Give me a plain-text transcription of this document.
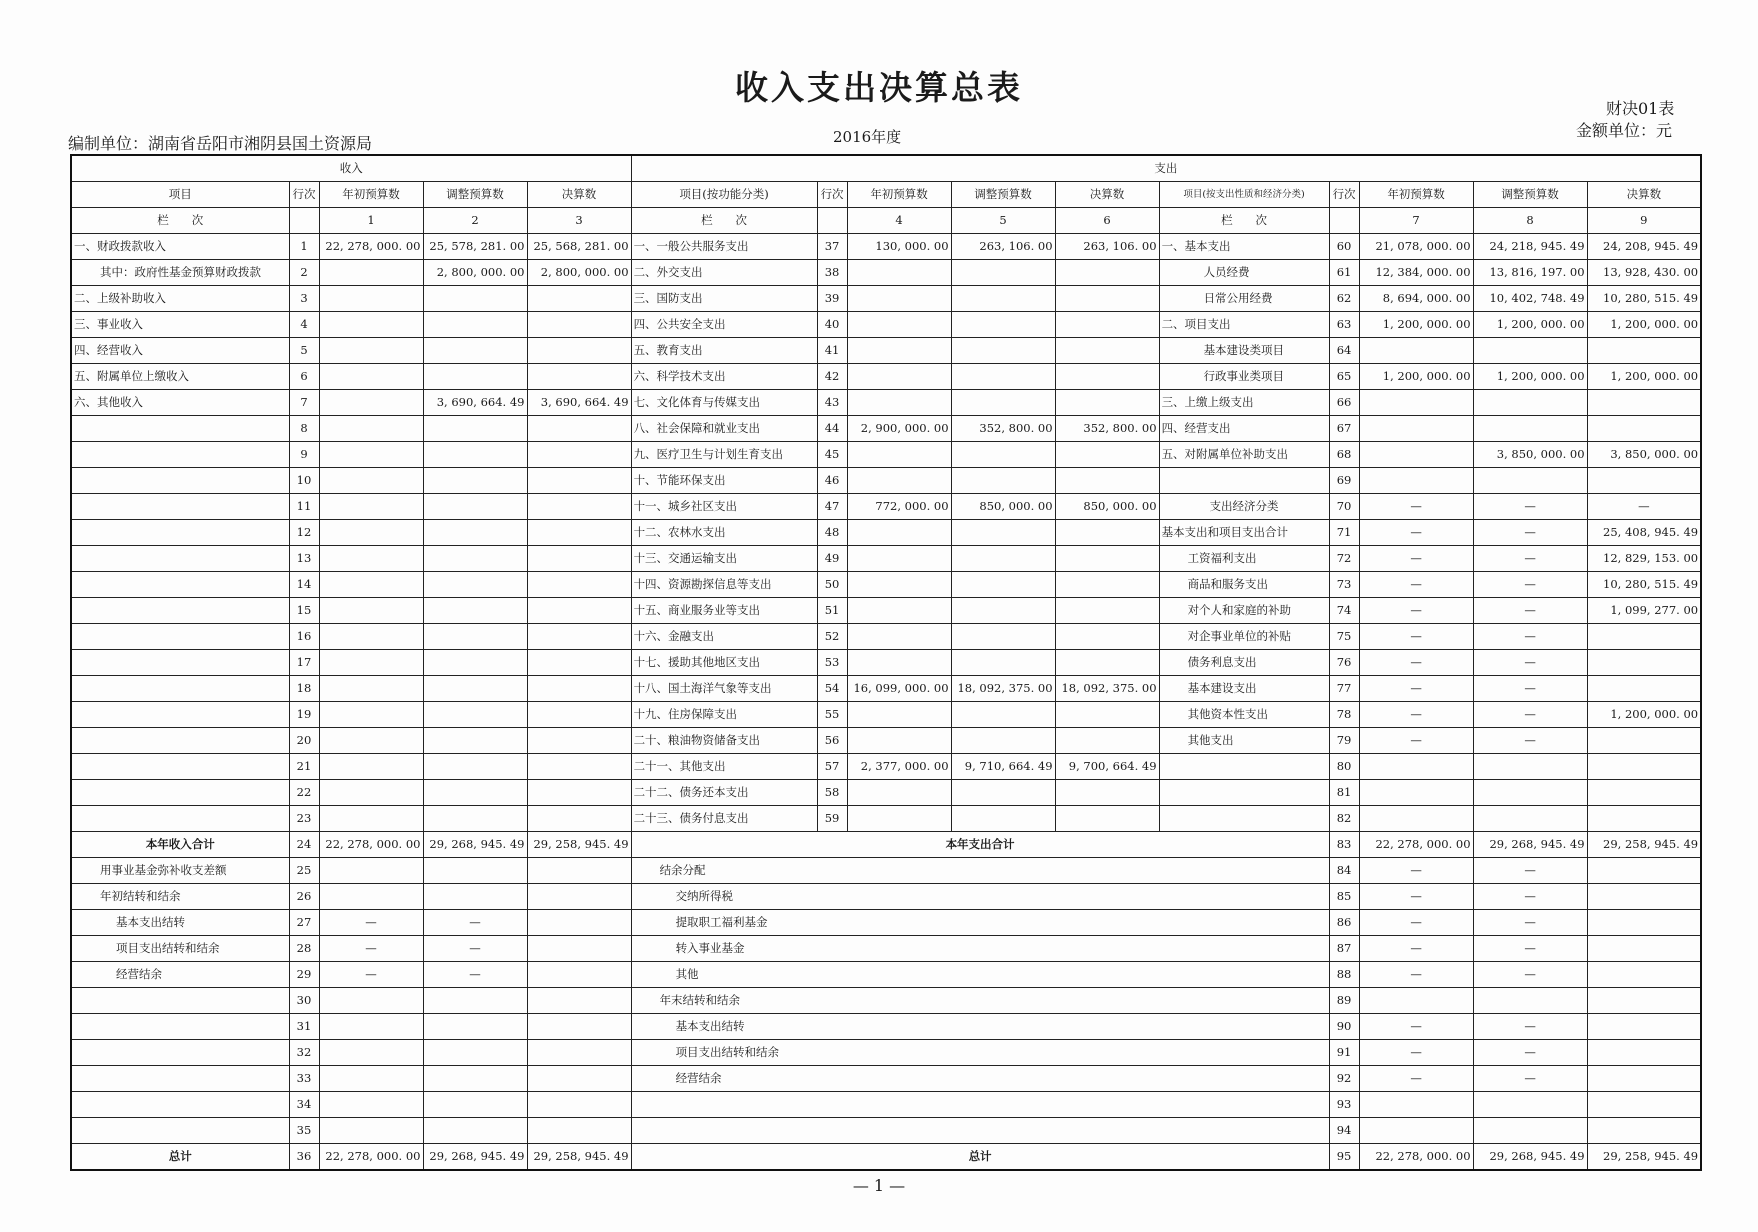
收入支出决算总表
财决01表
金额单位：元
编制单位：湖南省岳阳市湘阴县国土资源局	2016年度
收入					支出									
项目	行次	年初预算数	调整预算数	决算数	项目(按功能分类)	行次	年初预算数	调整预算数	决算数	项目(按支出性质和经济分类)	行次	年初预算数	调整预算数	决算数
栏　　次		1	2	3	栏　　次		4	5	6	栏　　次		7	8	9
一、财政拨款收入	1	22, 278, 000. 00	25, 578, 281. 00	25, 568, 281. 00	一、一般公共服务支出	37	130, 000. 00	263, 106. 00	263, 106. 00	一、基本支出	60	21, 078, 000. 00	24, 218, 945. 49	24, 208, 945. 49
其中：政府性基金预算财政拨款	2		2, 800, 000. 00	2, 800, 000. 00	二、外交支出	38				人员经费	61	12, 384, 000. 00	13, 816, 197. 00	13, 928, 430. 00
二、上级补助收入	3				三、国防支出	39				日常公用经费	62	8, 694, 000. 00	10, 402, 748. 49	10, 280, 515. 49
三、事业收入	4				四、公共安全支出	40				二、项目支出	63	1, 200, 000. 00	1, 200, 000. 00	1, 200, 000. 00
四、经营收入	5				五、教育支出	41				基本建设类项目	64			
五、附属单位上缴收入	6				六、科学技术支出	42				行政事业类项目	65	1, 200, 000. 00	1, 200, 000. 00	1, 200, 000. 00
六、其他收入	7		3, 690, 664. 49	3, 690, 664. 49	七、文化体育与传媒支出	43				三、上缴上级支出	66			
	8				八、社会保障和就业支出	44	2, 900, 000. 00	352, 800. 00	352, 800. 00	四、经营支出	67			
	9				九、医疗卫生与计划生育支出	45				五、对附属单位补助支出	68		3, 850, 000. 00	3, 850, 000. 00
	10				十、节能环保支出	46					69			
	11				十一、城乡社区支出	47	772, 000. 00	850, 000. 00	850, 000. 00	支出经济分类	70	—	—	—
	12				十二、农林水支出	48				基本支出和项目支出合计	71	—	—	25, 408, 945. 49
	13				十三、交通运输支出	49				工资福利支出	72	—	—	12, 829, 153. 00
	14				十四、资源勘探信息等支出	50				商品和服务支出	73	—	—	10, 280, 515. 49
	15				十五、商业服务业等支出	51				对个人和家庭的补助	74	—	—	1, 099, 277. 00
	16				十六、金融支出	52				对企事业单位的补贴	75	—	—	
	17				十七、援助其他地区支出	53				债务利息支出	76	—	—	
	18				十八、国土海洋气象等支出	54	16, 099, 000. 00	18, 092, 375. 00	18, 092, 375. 00	基本建设支出	77	—	—	
	19				十九、住房保障支出	55				其他资本性支出	78	—	—	1, 200, 000. 00
	20				二十、粮油物资储备支出	56				其他支出	79	—	—	
	21				二十一、其他支出	57	2, 377, 000. 00	9, 710, 664. 49	9, 700, 664. 49		80			
	22				二十二、债务还本支出	58					81			
	23				二十三、债务付息支出	59					82			
本年收入合计	24	22, 278, 000. 00	29, 268, 945. 49	29, 258, 945. 49	本年支出合计						83	22, 278, 000. 00	29, 268, 945. 49	29, 258, 945. 49
用事业基金弥补收支差额	25				结余分配						84	—	—	
年初结转和结余	26				交纳所得税						85	—	—	
基本支出结转	27	—	—		提取职工福利基金						86	—	—	
项目支出结转和结余	28	—	—		转入事业基金						87	—	—	
经营结余	29	—	—		其他						88	—	—	
	30				年末结转和结余						89			
	31				基本支出结转						90	—	—	
	32				项目支出结转和结余						91	—	—	
	33				经营结余						92	—	—	
	34										93			
	35										94			
总计	36	22, 278, 000. 00	29, 268, 945. 49	29, 258, 945. 49	总计						95	22, 278, 000. 00	29, 268, 945. 49	29, 258, 945. 49
— 1 —
